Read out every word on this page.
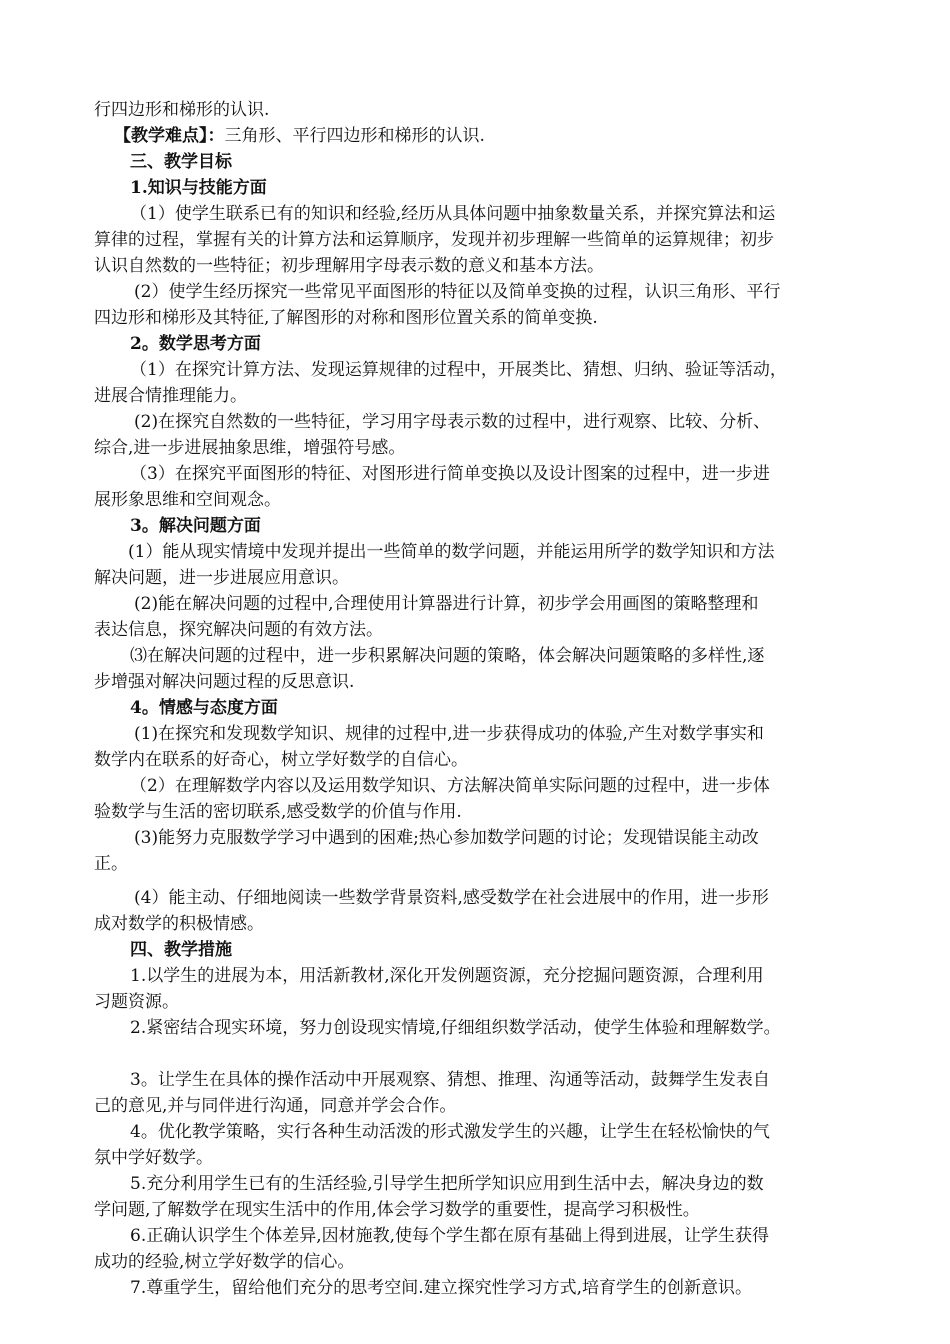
行四边形和梯形的认识.

【教学难点】：三角形、平行四边形和梯形的认识.

三、教学目标

1.知识与技能方面

（1）使学生联系已有的知识和经验,经历从具体问题中抽象数量关系，并探究算法和运

算律的过程，掌握有关的计算方法和运算顺序，发现并初步理解一些简单的运算规律；初步

认识自然数的一些特征；初步理解用字母表示数的意义和基本方法。

(2）使学生经历探究一些常见平面图形的特征以及简单变换的过程，认识三角形、平行

四边形和梯形及其特征,了解图形的对称和图形位置关系的简单变换.

2。数学思考方面

（1）在探究计算方法、发现运算规律的过程中，开展类比、猜想、归纳、验证等活动，

进展合情推理能力。

(2)在探究自然数的一些特征，学习用字母表示数的过程中，进行观察、比较、分析、

综合,进一步进展抽象思维，增强符号感。

（3）在探究平面图形的特征、对图形进行简单变换以及设计图案的过程中，进一步进

展形象思维和空间观念。

3。解决问题方面

(1）能从现实情境中发现并提出一些简单的数学问题，并能运用所学的数学知识和方法

解决问题，进一步进展应用意识。

(2)能在解决问题的过程中,合理使用计算器进行计算，初步学会用画图的策略整理和

表达信息，探究解决问题的有效方法。

⑶在解决问题的过程中，进一步积累解决问题的策略，体会解决问题策略的多样性,逐

步增强对解决问题过程的反思意识.

4。情感与态度方面

(1)在探究和发现数学知识、规律的过程中,进一步获得成功的体验,产生对数学事实和

数学内在联系的好奇心，树立学好数学的自信心。

（2）在理解数学内容以及运用数学知识、方法解决简单实际问题的过程中，进一步体

验数学与生活的密切联系,感受数学的价值与作用.

(3)能努力克服数学学习中遇到的困难;热心参加数学问题的讨论；发现错误能主动改

正。

(4）能主动、仔细地阅读一些数学背景资料,感受数学在社会进展中的作用，进一步形

成对数学的积极情感。

四、教学措施

1.以学生的进展为本，用活新教材,深化开发例题资源，充分挖掘问题资源，合理利用

习题资源。

2.紧密结合现实环境，努力创设现实情境,仔细组织数学活动，使学生体验和理解数学。

3。让学生在具体的操作活动中开展观察、猜想、推理、沟通等活动，鼓舞学生发表自

己的意见,并与同伴进行沟通，同意并学会合作。

4。优化教学策略，实行各种生动活泼的形式激发学生的兴趣，让学生在轻松愉快的气

氛中学好数学。

5.充分利用学生已有的生活经验,引导学生把所学知识应用到生活中去，解决身边的数

学问题,了解数学在现实生活中的作用,体会学习数学的重要性，提高学习积极性。

6.正确认识学生个体差异,因材施教,使每个学生都在原有基础上得到进展，让学生获得

成功的经验,树立学好数学的信心。

7.尊重学生，留给他们充分的思考空间.建立探究性学习方式,培育学生的创新意识。
